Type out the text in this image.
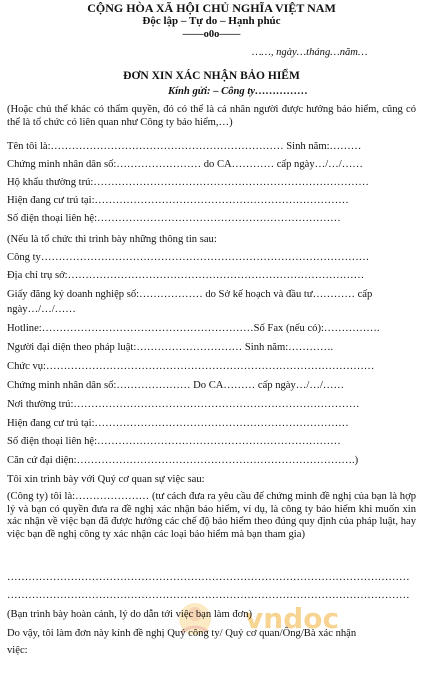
CỘNG HÒA XÃ HỘI CHỦ NGHĨA VIỆT NAM
Độc lập – Tự do – Hạnh phúc
——o0o——
……, ngày…tháng…năm…
ĐƠN XIN XÁC NHẬN BẢO HIỂM
Kính gửi: – Công ty……………
(Hoặc chủ thể khác có thẩm quyền, đó có thể là cá nhân người được hưởng bảo hiểm, cũng có thể là tổ chức có liên quan như Công ty bảo hiểm,…)
Tên tôi là:………………………………………………………… Sinh năm:………
Chứng minh nhân dân số:…………………… do CA………… cấp ngày…/…/……
Hộ khẩu thường trú:……………………………………………………………………
Hiện đang cư trú tại:………………………………………………………………
Số điện thoại liên hệ:……………………………………………………………
(Nếu là tổ chức thì trình bày những thông tin sau:
Công ty…………………………………………………………………………………
Địa chỉ trụ sở:…………………………………………………………………………
Giấy đăng ký doanh nghiệp số:……………… do Sở kế hoạch và đầu tư………… cấp
ngày…/…/……
Hotline:……………………………………………………Số Fax (nếu có):…………….
Người đại diện theo pháp luật:………………………… Sinh năm:………….
Chức vụ:…………………………………………………………………………………
Chứng minh nhân dân số:………………… Do CA……… cấp ngày…/…/……
Nơi thường trú:………………………………………………………………………
Hiện đang cư trú tại:………………………………………………………………
Số điện thoại liên hệ:……………………………………………………………
Căn cứ đại diện:…………………………………………………………………….)
Tôi xin trình bày với Quý cơ quan sự việc sau:
(Công ty) tôi là:………………… (tư cách đưa ra yêu cầu để chứng minh đề nghị của bạn là hợp lý và bạn có quyền đưa ra đề nghị xác nhận bảo hiểm, ví dụ, là công ty bảo hiểm khi muốn xin xác nhận về việc bạn đã được hưởng các chế độ bảo hiểm theo đúng quy định của pháp luật, hay việc bạn đề nghị công ty xác nhận các loại bảo hiểm mà bạn tham gia)
……………………………………………………………………………………………………
……………………………………………………………………………………………………
vndoc
(Bạn trình bày hoàn cảnh, lý do dẫn tới việc bạn làm đơn)
Do vậy, tôi làm đơn này kính đề nghị Quý công ty/ Quý cơ quan/Ông/Bà xác nhận
việc:
